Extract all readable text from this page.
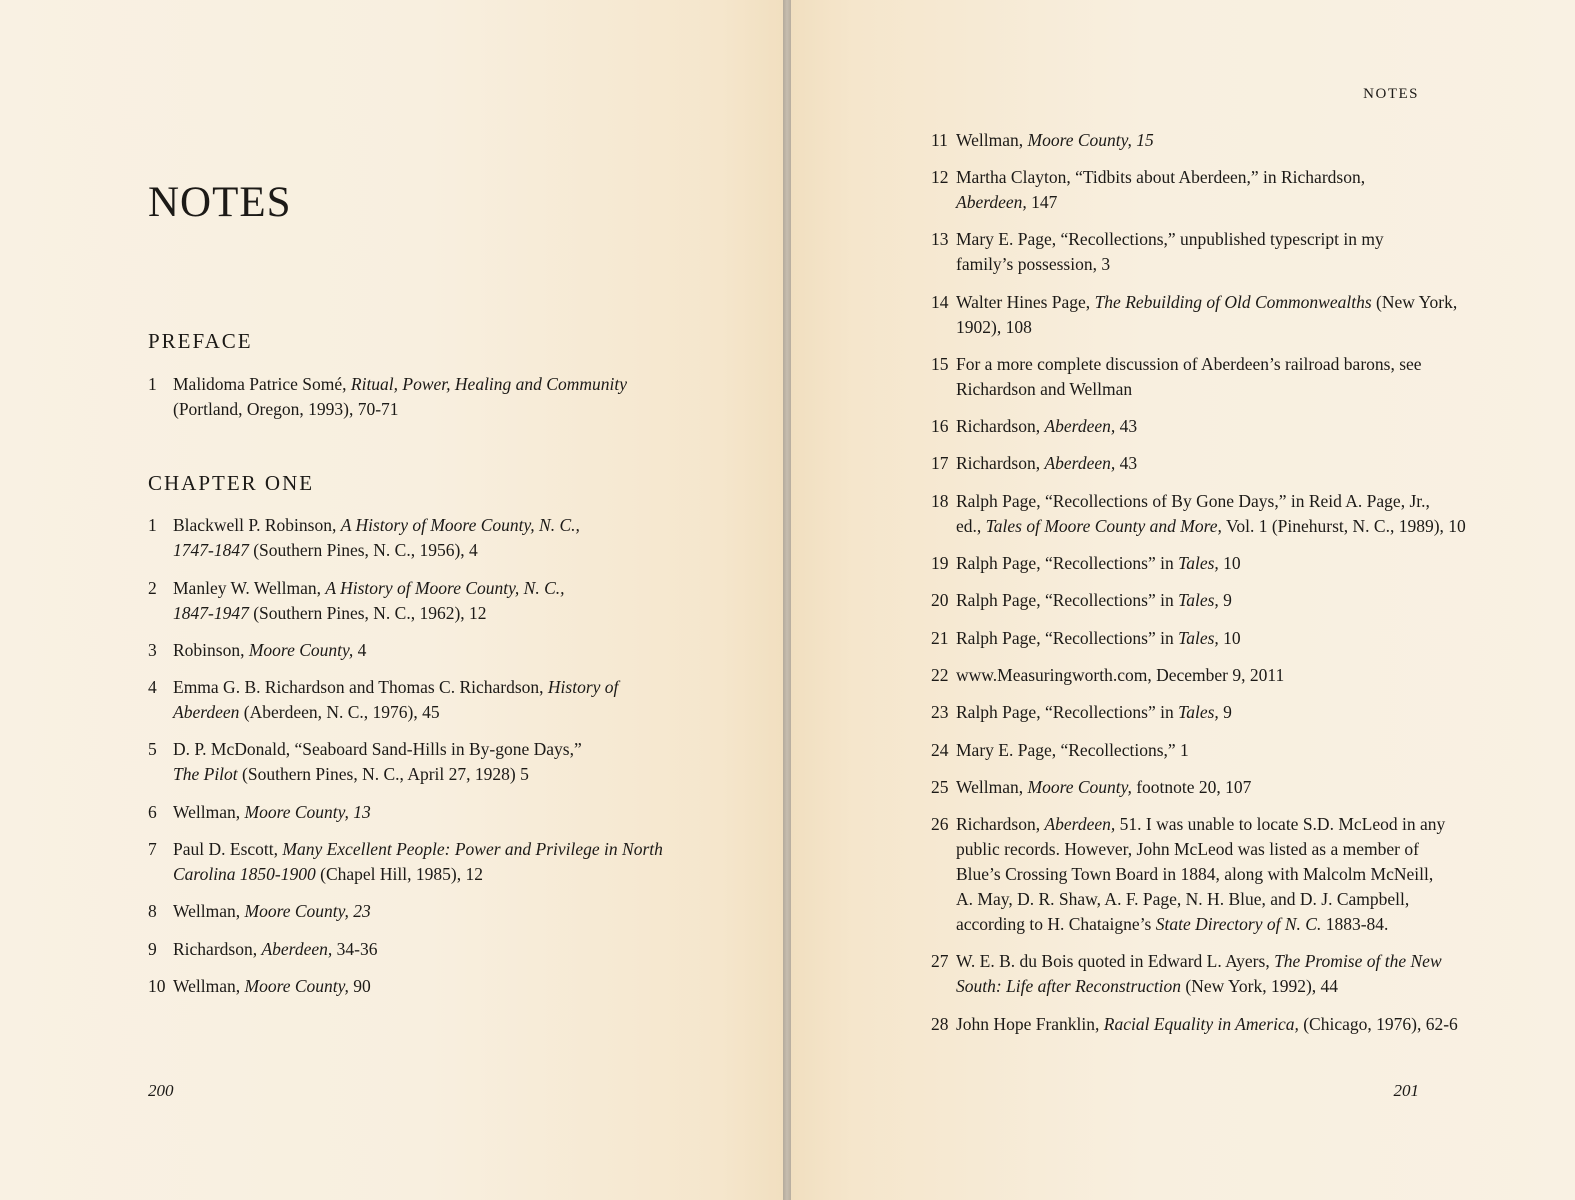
NOTES
PREFACE
1 Malidoma Patrice Somé, Ritual, Power, Healing and Community
(Portland, Oregon, 1993), 70-71
CHAPTER ONE
1 Blackwell P. Robinson, A History of Moore County, N. C.,
1747-1847 (Southern Pines, N. C., 1956), 4
2 Manley W. Wellman, A History of Moore County, N. C.,
1847-1947 (Southern Pines, N. C., 1962), 12
3 Robinson, Moore County, 4
4 Emma G. B. Richardson and Thomas C. Richardson, History of
Aberdeen (Aberdeen, N. C., 1976), 45
5 D. P. McDonald, “Seaboard Sand-Hills in By-gone Days,”
The Pilot (Southern Pines, N. C., April 27, 1928) 5
6 Wellman, Moore County, 13
7 Paul D. Escott, Many Excellent People: Power and Privilege in North
Carolina 1850-1900 (Chapel Hill, 1985), 12
8 Wellman, Moore County, 23
9 Richardson, Aberdeen, 34-36
10 Wellman, Moore County, 90
200
NOTES
201
11 Wellman, Moore County, 15
12 Martha Clayton, “Tidbits about Aberdeen,” in Richardson,
Aberdeen, 147
13 Mary E. Page, “Recollections,” unpublished typescript in my
family’s possession, 3
14 Walter Hines Page, The Rebuilding of Old Commonwealths (New York,
1902), 108
15 For a more complete discussion of Aberdeen’s railroad barons, see
Richardson and Wellman
16 Richardson, Aberdeen, 43
17 Richardson, Aberdeen, 43
18 Ralph Page, “Recollections of By Gone Days,” in Reid A. Page, Jr.,
ed., Tales of Moore County and More, Vol. 1 (Pinehurst, N. C., 1989), 10
19 Ralph Page, “Recollections” in Tales, 10
20 Ralph Page, “Recollections” in Tales, 9
21 Ralph Page, “Recollections” in Tales, 10
22 www.Measuringworth.com, December 9, 2011
23 Ralph Page, “Recollections” in Tales, 9
24 Mary E. Page, “Recollections,” 1
25 Wellman, Moore County, footnote 20, 107
26 Richardson, Aberdeen, 51. I was unable to locate S.D. McLeod in any
public records. However, John McLeod was listed as a member of
Blue’s Crossing Town Board in 1884, along with Malcolm McNeill,
A. May, D. R. Shaw, A. F. Page, N. H. Blue, and D. J. Campbell,
according to H. Chataigne’s State Directory of N. C. 1883-84.
27 W. E. B. du Bois quoted in Edward L. Ayers, The Promise of the New
South: Life after Reconstruction (New York, 1992), 44
28 John Hope Franklin, Racial Equality in America, (Chicago, 1976), 62-6
